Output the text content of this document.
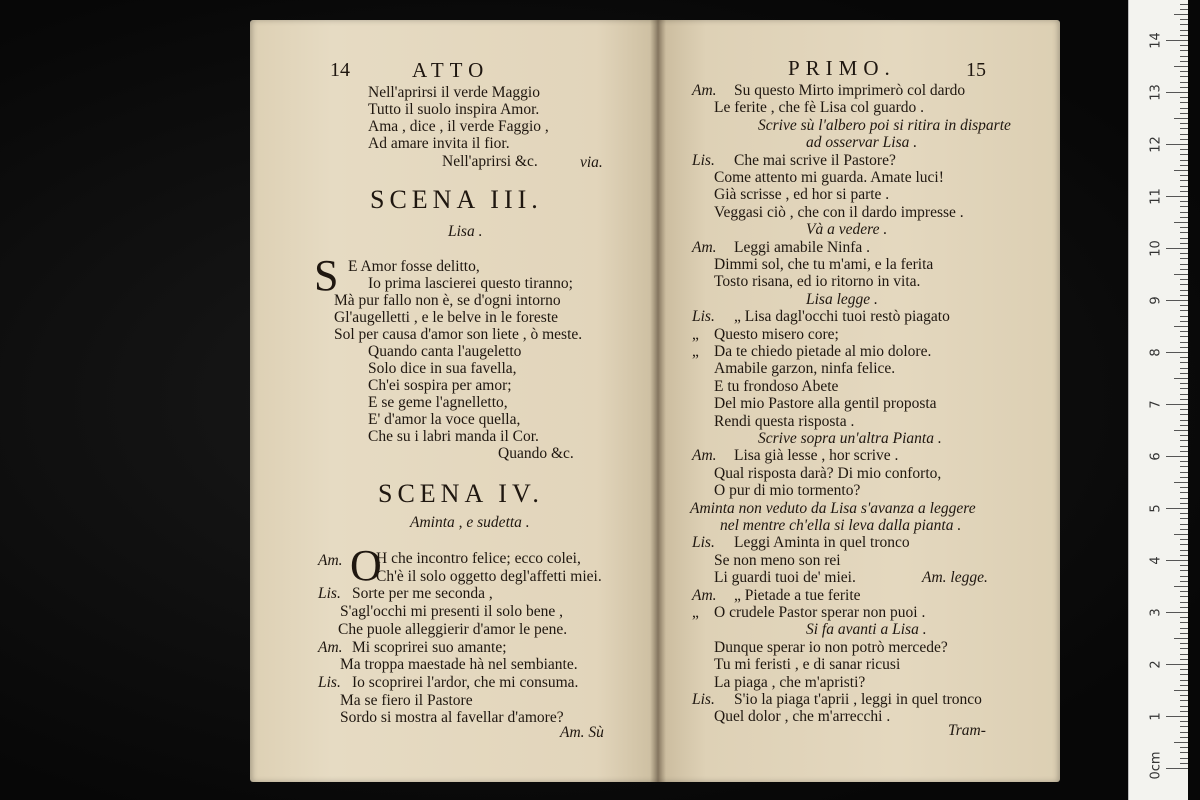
14	ATTO
Nell'aprirsi il verde Maggio
Tutto il suolo inspira Amor.
Ama , dice , il verde Faggio ,
Ad amare invita il fior.
Nell'aprirsi &c.	via.
SCENA III.
Lisa .
S E Amor fosse delitto,
Io prima lascierei questo tiranno;
Mà pur fallo non è, se d'ogni intorno
Gl'augelletti , e le belve in le foreste
Sol per causa d'amor son liete , ò meste.
Quando canta l'augeletto
Solo dice in sua favella,
Ch'ei sospira per amor;
E se geme l'agnelletto,
E' d'amor la voce quella,
Che su i labri manda il Cor.
Quando &c.
SCENA IV.
Aminta , e sudetta .
Am. O
H che incontro felice; ecco colei,
Ch'è il solo oggetto degl'affetti miei.
Lis. Sorte per me seconda ,
S'agl'occhi mi presenti il solo bene ,
Che puole alleggierir d'amor le pene.
Am. Mi scoprirei suo amante;
Ma troppa maestade hà nel sembiante.
Lis. Io scoprirei l'ardor, che mi consuma.
Ma se fiero il Pastore
Sordo si mostra al favellar d'amore?
Am. Sù
PRIMO.	15
Am. Su questo Mirto imprimerò col dardo
Le ferite , che fè Lisa col guardo .
Scrive sù l'albero poi si ritira in disparte
ad osservar Lisa .
Lis. Che mai scrive il Pastore?
Come attento mi guarda. Amate luci!
Già scrisse , ed hor si parte .
Veggasi ciò , che con il dardo impresse .
Và a vedere .
Am. Leggi amabile Ninfa .
Dimmi sol, che tu m'ami, e la ferita
Tosto risana, ed io ritorno in vita.
Lisa legge .
Lis. „ Lisa dagl'occhi tuoi restò piagato
„ Questo misero core;
„ Da te chiedo pietade al mio dolore.
Amabile garzon, ninfa felice.
E tu frondoso Abete
Del mio Pastore alla gentil proposta
Rendi questa risposta .
Scrive sopra un'altra Pianta .
Am. Lisa già lesse , hor scrive .
Qual risposta darà? Di mio conforto,
O pur di mio tormento?
Aminta non veduto da Lisa s'avanza a leggere
nel mentre ch'ella si leva dalla pianta .
Lis. Leggi Aminta in quel tronco
Se non meno son rei
Li guardi tuoi de' miei.	Am. legge.
Am. „ Pietade a tue ferite
„ O crudele Pastor sperar non puoi .
Si fa avanti a Lisa .
Dunque sperar io non potrò mercede?
Tu mi feristi , e di sanar ricusi
La piaga , che m'apristi?
Lis. S'io la piaga t'aprii , leggi in quel tronco
Quel dolor , che m'arrecchi .
Tram-
14
13
12
11
10
9
8
7
6
5
4
3
2
1
0cm
